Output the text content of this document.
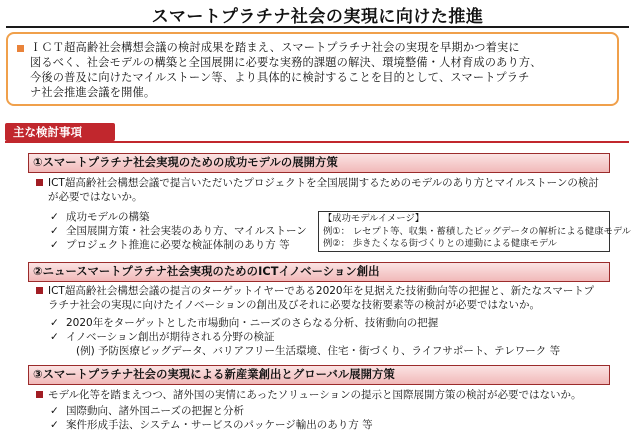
スマートプラチナ社会の実現に向けた推進

ＩＣＴ超高齢社会構想会議の検討成果を踏まえ、スマートプラチナ社会の実現を早期かつ着実に

図るべく、社会モデルの構築と全国展開に必要な実務的課題の解決、環境整備・人材育成のあり方、

今後の普及に向けたマイルストーン等、より具体的に検討することを目的として、スマートプラチ

ナ社会推進会議を開催。

主な検討事項
①スマートプラチナ社会実現のための成功モデルの展開方策
ICT超高齢社会構想会議で提言いただいたプロジェクトを全国展開するためのモデルのあり方とマイルストーンの検討
が必要ではないか。
✓ 成功モデルの構築
✓ 全国展開方策・社会実装のあり方、マイルストーン
✓ プロジェクト推進に必要な検証体制のあり方 等
【成功モデルイメージ】
例①： レセプト等、収集・蓄積したビッグデータの解析による健康モデル
例②： 歩きたくなる街づくりとの連動による健康モデル
②ニュースマートプラチナ社会実現のためのICTイノベーション創出
ICT超高齢社会構想会議の提言のターゲットイヤーである2020年を見据えた技術動向等の把握と、新たなスマートプ
ラチナ社会の実現に向けたイノベーションの創出及びそれに必要な技術要素等の検討が必要ではないか。
✓ 2020年をターゲットとした市場動向・ニーズのさらなる分析、技術動向の把握
✓ イノベーション創出が期待される分野の検証
(例) 予防医療ビッグデータ、バリアフリー生活環境、住宅・街づくり、ライフサポート、テレワーク 等
③スマートプラチナ社会の実現による新産業創出とグローバル展開方策
モデル化等を踏まえつつ、諸外国の実情にあったソリューションの提示と国際展開方策の検討が必要ではないか。
✓ 国際動向、諸外国ニーズの把握と分析
✓ 案件形成手法、システム・サービスのパッケージ輸出のあり方 等
